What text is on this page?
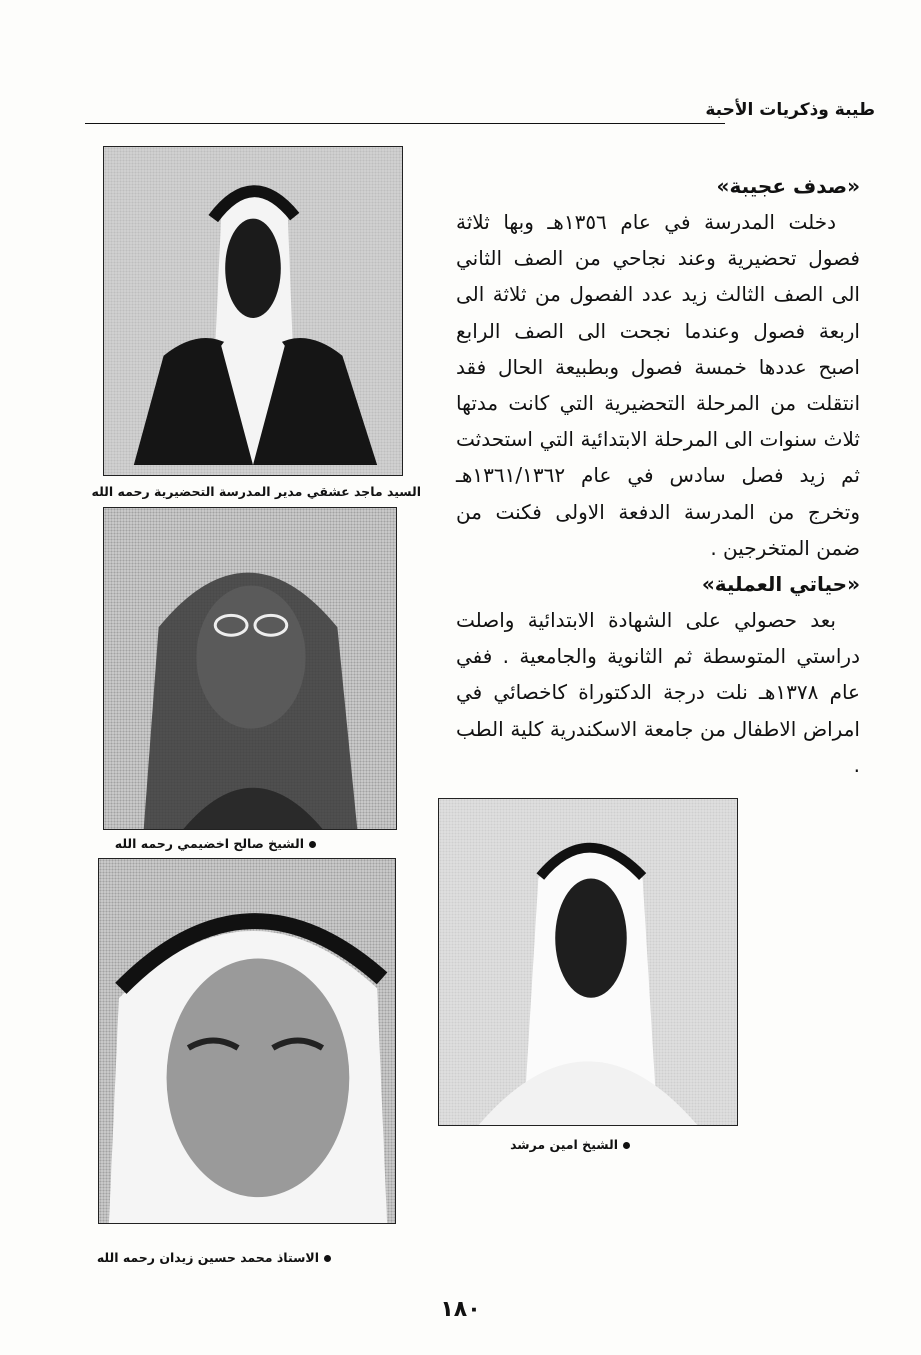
طيبة وذكريات الأحبة

«صدف عجيبة»

دخلت المدرسة في عام ١٣٥٦هـ وبها ثلاثة فصول تحضيرية وعند نجاحي من الصف الثاني الى الصف الثالث زيد عدد الفصول من ثلاثة الى اربعة فصول وعندما نجحت الى الصف الرابع اصبح عددها خمسة فصول وبطبيعة الحال فقد انتقلت من المرحلة التحضيرية التي كانت مدتها ثلاث سنوات الى المرحلة الابتدائية التي استحدثت ثم زيد فصل سادس في عام ١٣٦١/١٣٦٢هـ وتخرج من المدرسة الدفعة الاولى فكنت من ضمن المتخرجين .

«حياتي العملية»

بعد حصولي على الشهادة الابتدائية واصلت دراستي المتوسطة ثم الثانوية والجامعية . ففي عام ١٣٧٨هـ نلت درجة الدكتوراة كاخصائي في امراض الاطفال من جامعة الاسكندرية كلية الطب .

السيد ماجد عشقي مدير المدرسة التحضيرية رحمه الله
الشيخ صالح اخضيمي رحمه الله
الاستاذ محمد حسين زيدان رحمه الله
الشيخ امين مرشد
١٨٠
